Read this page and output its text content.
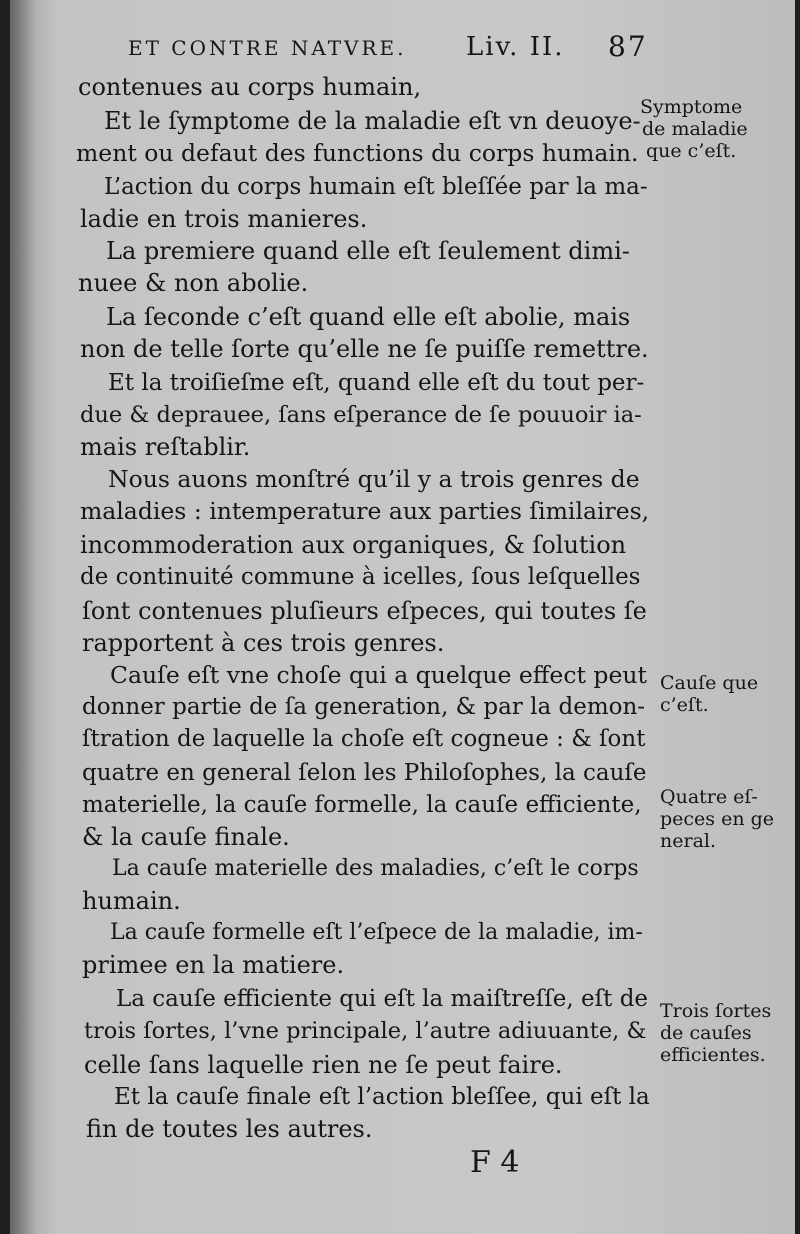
ET CONTRE NATVRE. Liv. II. 87
contenues au corps humain,
Et le ſymptome de la maladie eſt vn deuoye-
ment ou defaut des functions du corps humain.
L’action du corps humain eſt bleſſée par la ma-
ladie en trois manieres.
La premiere quand elle eſt ſeulement dimi-
nuee & non abolie.
La ſeconde c’eſt quand elle eſt abolie, mais
non de telle ſorte qu’elle ne ſe puiſſe remettre.
Et la troiſieſme eſt, quand elle eſt du tout per-
due & deprauee, ſans eſperance de ſe pouuoir ia-
mais reſtablir.
Nous auons monſtré qu’il y a trois genres de
maladies : intemperature aux parties ſimilaires,
incommoderation aux organiques, & ſolution
de continuité commune à icelles, ſous leſquelles
ſont contenues pluſieurs eſpeces, qui toutes ſe
rapportent à ces trois genres.
Cauſe eſt vne choſe qui a quelque effect peut
donner partie de ſa generation, & par la demon-
ſtration de laquelle la choſe eſt cogneue : & ſont
quatre en general ſelon les Philoſophes, la cauſe
materielle, la cauſe formelle, la cauſe efficiente,
& la cauſe finale.
La cauſe materielle des maladies, c’eſt le corps
humain.
La cauſe formelle eſt l’eſpece de la maladie, im-
primee en la matiere.
La cauſe efficiente qui eſt la maiſtreſſe, eſt de
trois ſortes, l’vne principale, l’autre adiuuante, &
celle ſans laquelle rien ne ſe peut faire.
Et la cauſe finale eſt l’action bleſſee, qui eſt la
fin de toutes les autres.
Symptome
de maladie
que c’eſt.
Cauſe que
c’eſt.
Quatre eſ-
peces en ge
neral.
Trois ſortes
de cauſes
efficientes.
F 4
